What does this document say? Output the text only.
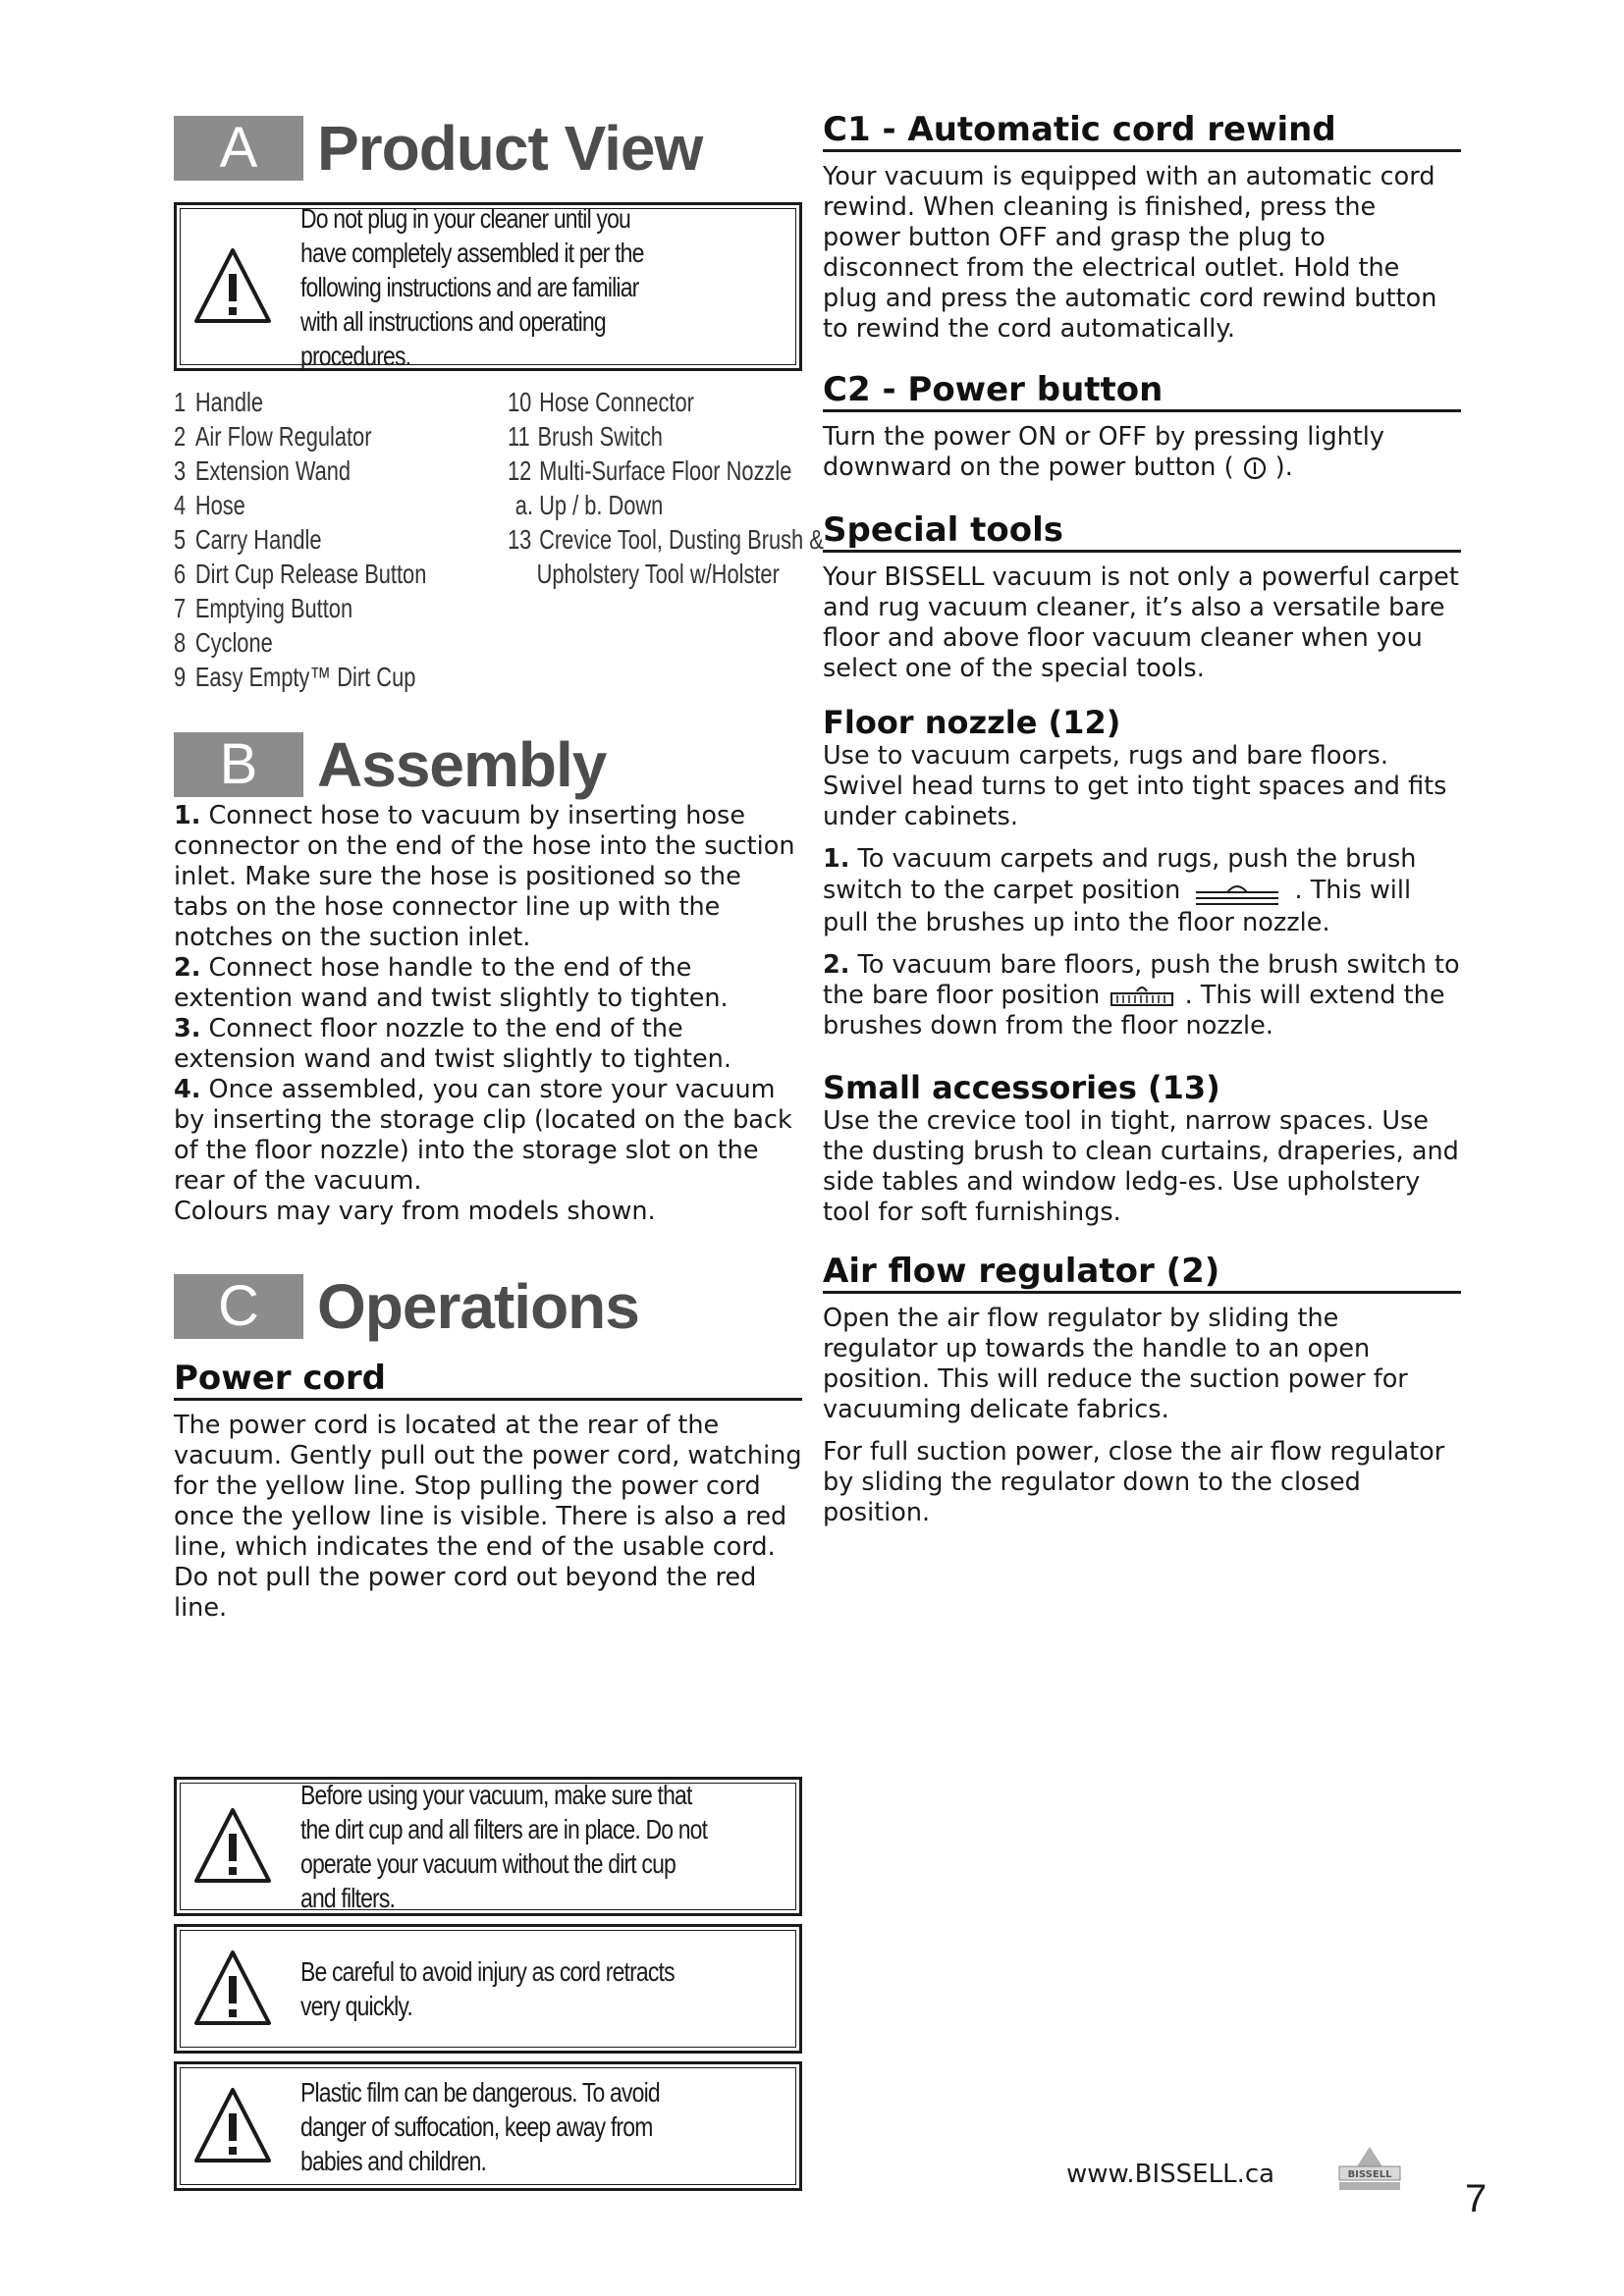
A Product View
Do not plug in your cleaner until you have completely assembled it per the following instructions and are familiar with all instructions and operating procedures.
1 Handle
2 Air Flow Regulator
3 Extension Wand
4 Hose
5 Carry Handle
6 Dirt Cup Release Button
7 Emptying Button
8 Cyclone
9 Easy Empty™ Dirt Cup
10 Hose Connector
11 Brush Switch
12 Multi-Surface Floor Nozzle
a. Up / b. Down
13 Crevice Tool, Dusting Brush &
Upholstery Tool w/Holster
B Assembly

1. Connect hose to vacuum by inserting hose connector on the end of the hose into the suction inlet. Make sure the hose is positioned so the tabs on the hose connector line up with the notches on the suction inlet.

2. Connect hose handle to the end of the extention wand and twist slightly to tighten.

3. Connect floor nozzle to the end of the extension wand and twist slightly to tighten.

4. Once assembled, you can store your vacuum by inserting the storage clip (located on the back of the floor nozzle) into the storage slot on the rear of the vacuum.

Colours may vary from models shown.

C Operations
Power cord

The power cord is located at the rear of the vacuum. Gently pull out the power cord, watching for the yellow line. Stop pulling the power cord once the yellow line is visible. There is also a red line, which indicates the end of the usable cord. Do not pull the power cord out beyond the red line.

Before using your vacuum, make sure that the dirt cup and all filters are in place. Do not operate your vacuum without the dirt cup and filters.
Be careful to avoid injury as cord retracts very quickly.
Plastic film can be dangerous. To avoid danger of suffocation, keep away from babies and children.
C1 - Automatic cord rewind

Your vacuum is equipped with an automatic cord rewind. When cleaning is finished, press the power button OFF and grasp the plug to disconnect from the electrical outlet. Hold the plug and press the automatic cord rewind button to rewind the cord automatically.

C2 - Power button

Turn the power ON or OFF by pressing lightly downward on the power button ( ).

Special tools

Your BISSELL vacuum is not only a powerful carpet and rug vacuum cleaner, it’s also a versatile bare floor and above floor vacuum cleaner when you select one of the special tools.

Floor nozzle (12)

Use to vacuum carpets, rugs and bare floors. Swivel head turns to get into tight spaces and fits under cabinets.

1. To vacuum carpets and rugs, push the brush switch to the carpet position	. This will pull the brushes up into the floor nozzle.

2. To vacuum bare floors, push the brush switch to the bare floor position	. This will extend the brushes down from the floor nozzle.

Small accessories (13)

Use the crevice tool in tight, narrow spaces. Use the dusting brush to clean curtains, draperies, and side tables and window ledg-es. Use upholstery tool for soft furnishings.

Air flow regulator (2)

Open the air flow regulator by sliding the regulator up towards the handle to an open position. This will reduce the suction power for vacuuming delicate fabrics.

For full suction power, close the air flow regulator by sliding the regulator down to the closed position.

www.BISSELL.ca	BISSELL
7
